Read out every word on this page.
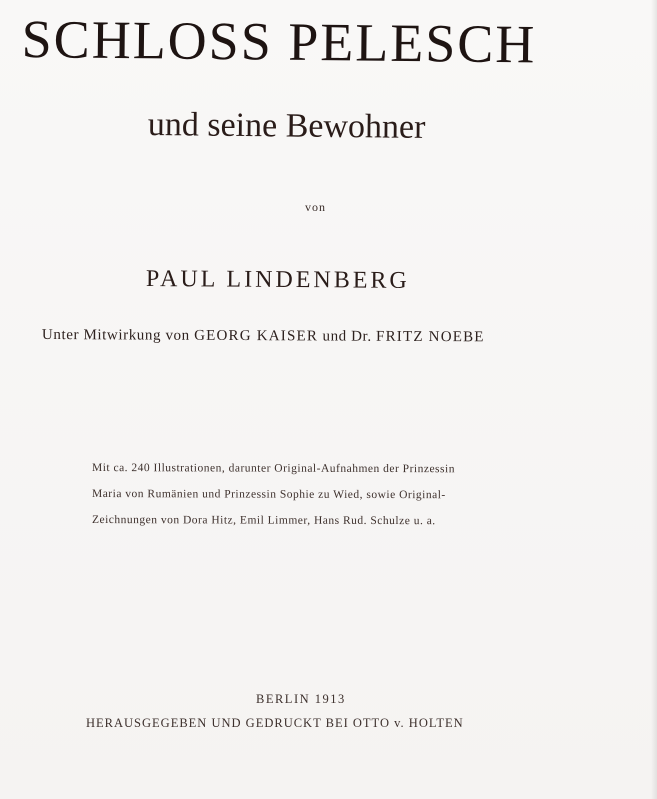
SCHLOSS PELESCH
und seine Bewohner
von
PAUL LINDENBERG
Unter Mitwirkung von GEORG KAISER und Dr. FRITZ NOEBE
Mit ca. 240 Illustrationen, darunter Original-Aufnahmen der Prinzessin
Maria von Rumänien und Prinzessin Sophie zu Wied, sowie Original-
Zeichnungen von Dora Hitz, Emil Limmer, Hans Rud. Schulze u. a.
BERLIN 1913
HERAUSGEGEBEN UND GEDRUCKT BEI OTTO v. HOLTEN
